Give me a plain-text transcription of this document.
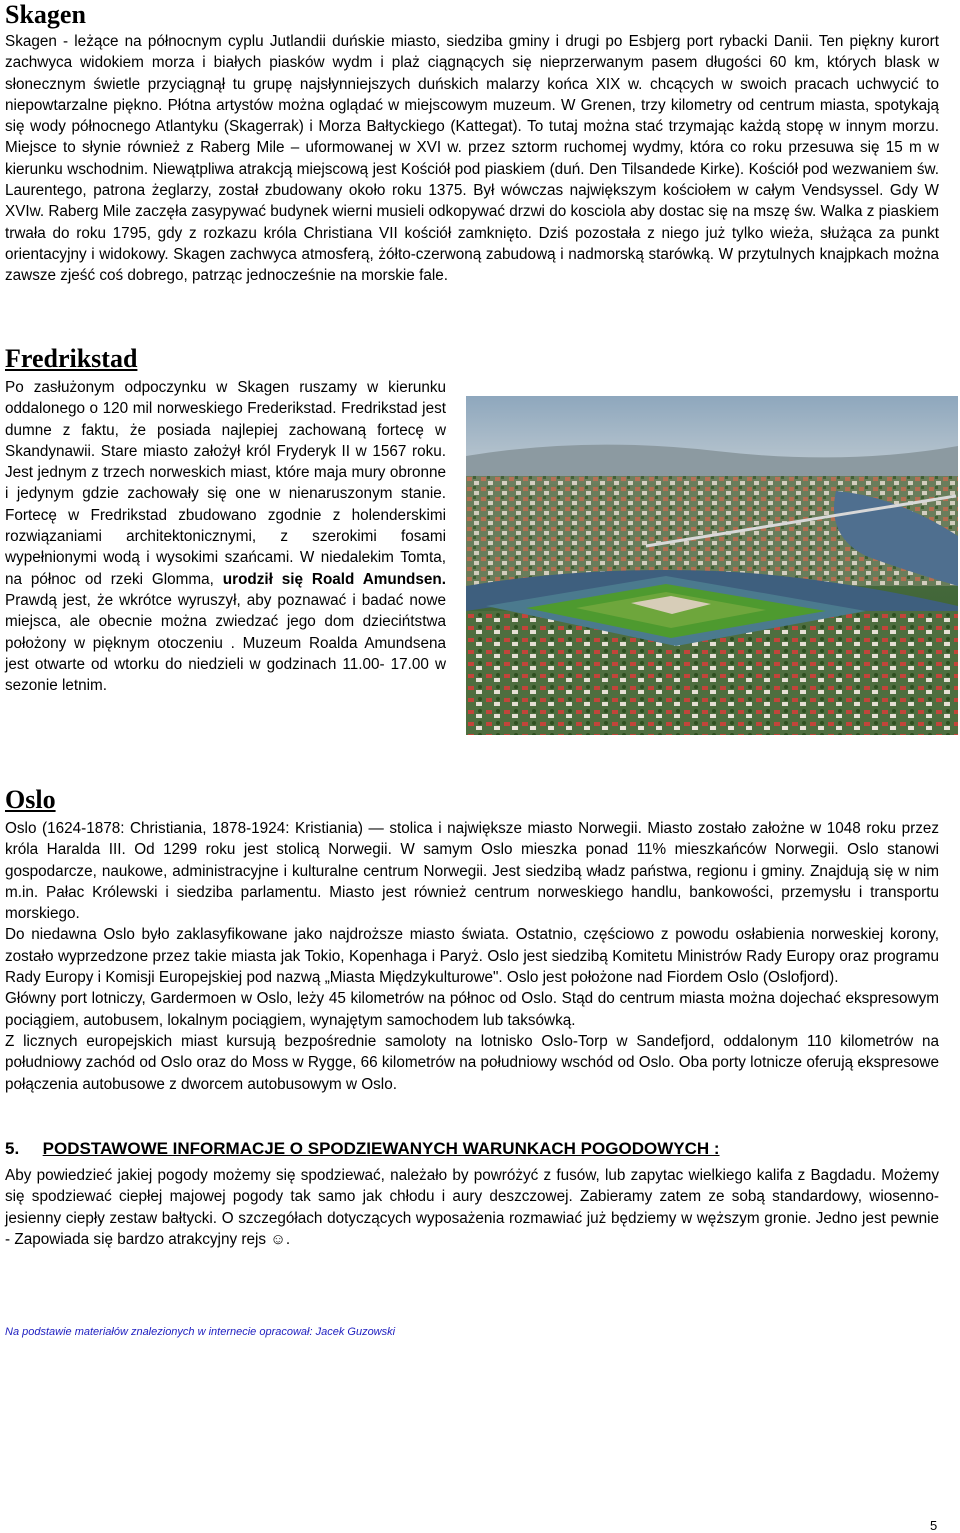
Skagen

Skagen - leżące na północnym cyplu Jutlandii duńskie miasto, siedziba gminy i drugi po Esbjerg port rybacki Danii. Ten piękny kurort zachwyca widokiem morza i białych piasków wydm i plaż ciągnących się nieprzerwanym pasem długości 60 km, których blask w słonecznym świetle przyciągnął tu grupę najsłynniejszych duńskich malarzy końca XIX w. chcących w swoich pracach uchwycić to niepowtarzalne piękno. Płótna artystów można oglądać w miejscowym muzeum. W Grenen, trzy kilometry od centrum miasta, spotykają się wody północnego Atlantyku (Skagerrak) i Morza Bałtyckiego (Kattegat). To tutaj można stać trzymając każdą stopę w innym morzu. Miejsce to słynie również z Raberg Mile – uformowanej w XVI w. przez sztorm ruchomej wydmy, która co roku przesuwa się 15 m w kierunku wschodnim. Niewątpliwa atrakcją miejscową jest Kościół pod piaskiem (duń. Den Tilsandede Kirke). Kościół pod wezwaniem św. Laurentego, patrona żeglarzy, został zbudowany około roku 1375. Był wówczas największym kościołem w całym Vendsyssel. Gdy W XVIw. Raberg Mile zaczęła zasypywać budynek wierni musieli odkopywać drzwi do kosciola aby dostac się na mszę św. Walka z piaskiem trwała do roku 1795, gdy z rozkazu króla Christiana VII kościół zamknięto. Dziś pozostała z niego już tylko wieża, służąca za punkt orientacyjny i widokowy. Skagen zachwyca atmosferą, żółto-czerwoną zabudową i nadmorską starówką. W przytulnych knajpkach można zawsze zjeść coś dobrego, patrząc jednocześnie na morskie fale.

Fredrikstad

Po zasłużonym odpoczynku w Skagen ruszamy w kierunku oddalonego o 120 mil norweskiego Frederikstad. Fredrikstad jest dumne z faktu, że posiada najlepiej zachowaną fortecę w Skandynawii. Stare miasto założył król Fryderyk II w 1567 roku. Jest jednym z trzech norweskich miast, które maja mury obronne i jedynym gdzie zachowały się one w nienaruszonym stanie. Fortecę w Fredrikstad zbudowano zgodnie z holenderskimi rozwiązaniami architektonicznymi, z szerokimi fosami wypełnionymi wodą i wysokimi szańcami. W niedalekim Tomta, na północ od rzeki Glomma, urodził się Roald Amundsen. Prawdą jest, że wkrótce wyruszył, aby poznawać i badać nowe miejsca, ale obecnie można zwiedzać jego dom dziecińtstwa położony w pięknym otoczeniu . Muzeum Roalda Amundsena jest otwarte od wtorku do niedzieli w godzinach 11.00- 17.00 w sezonie letnim.

Oslo

Oslo (1624-1878: Christiania, 1878-1924: Kristiania) — stolica i największe miasto Norwegii. Miasto zostało założne w 1048 roku przez króla Haralda III. Od 1299 roku jest stolicą Norwegii. W samym Oslo mieszka ponad 11% mieszkańców Norwegii. Oslo stanowi gospodarcze, naukowe, administracyjne i kulturalne centrum Norwegii. Jest siedzibą władz państwa, regionu i gminy. Znajdują się w nim m.in. Pałac Królewski i siedziba parlamentu. Miasto jest również centrum norweskiego handlu, bankowości, przemysłu i transportu morskiego.

Do niedawna Oslo było zaklasyfikowane jako najdroższe miasto świata. Ostatnio, częściowo z powodu osłabienia norweskiej korony, zostało wyprzedzone przez takie miasta jak Tokio, Kopenhaga i Paryż. Oslo jest siedzibą Komitetu Ministrów Rady Europy oraz programu Rady Europy i Komisji Europejskiej pod nazwą „Miasta Międzykulturowe". Oslo jest położone nad Fiordem Oslo (Oslofjord).

Główny port lotniczy, Gardermoen w Oslo, leży 45 kilometrów na północ od Oslo. Stąd do centrum miasta można dojechać ekspresowym pociągiem, autobusem, lokalnym pociągiem, wynajętym samochodem lub taksówką.

Z licznych europejskich miast kursują bezpośrednie samoloty na lotnisko Oslo-Torp w Sandefjord, oddalonym 110 kilometrów na południowy zachód od Oslo oraz do Moss w Rygge, 66 kilometrów na południowy wschód od Oslo. Oba porty lotnicze oferują ekspresowe połączenia autobusowe z dworcem autobusowym w Oslo.

5. PODSTAWOWE INFORMACJE O SPODZIEWANYCH WARUNKACH POGODOWYCH :

Aby powiedzieć jakiej pogody możemy się spodziewać, należało by powróżyć z fusów, lub zapytac wielkiego kalifa z Bagdadu. Możemy się spodziewać ciepłej majowej pogody tak samo jak chłodu i aury deszczowej. Zabieramy zatem ze sobą standardowy, wiosenno-jesienny ciepły zestaw bałtycki. O szczegółach dotyczących wyposażenia rozmawiać już będziemy w węższym gronie. Jedno jest pewnie - Zapowiada się bardzo atrakcyjny rejs ☺.

Na podstawie materiałów znalezionych w internecie opracował: Jacek Guzowski
5
